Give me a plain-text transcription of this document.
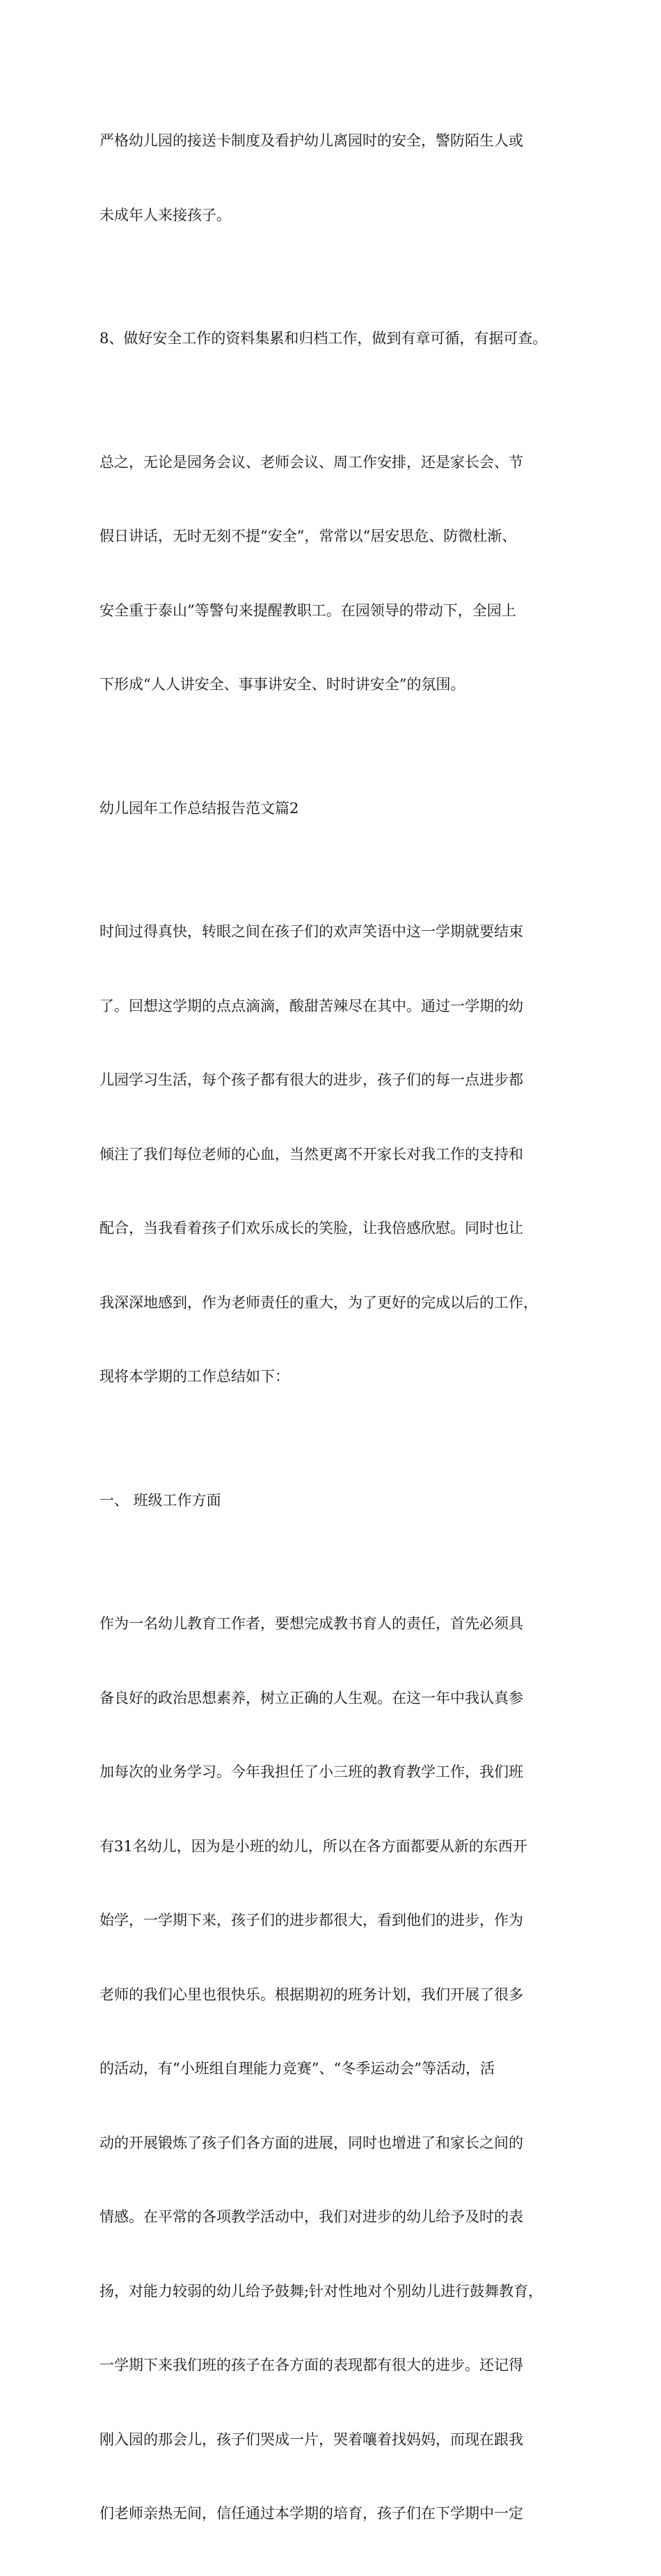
严格幼儿园的接送卡制度及看护幼儿离园时的安全，警防陌生人或

未成年人来接孩子。

8、做好安全工作的资料集累和归档工作，做到有章可循，有据可查。

总之，无论是园务会议、老师会议、周工作安排，还是家长会、节

假日讲话，无时无刻不提“安全”，常常以“居安思危、防微杜渐、

安全重于泰山”等警句来提醒教职工。在园领导的带动下，全园上

下形成“人人讲安全、事事讲安全、时时讲安全”的氛围。

幼儿园年工作总结报告范文篇2

时间过得真快，转眼之间在孩子们的欢声笑语中这一学期就要结束

了。回想这学期的点点滴滴，酸甜苦辣尽在其中。通过一学期的幼

儿园学习生活，每个孩子都有很大的进步，孩子们的每一点进步都

倾注了我们每位老师的心血，当然更离不开家长对我工作的支持和

配合，当我看着孩子们欢乐成长的笑脸，让我倍感欣慰。同时也让

我深深地感到，作为老师责任的重大，为了更好的完成以后的工作，

现将本学期的工作总结如下：

一、 班级工作方面

作为一名幼儿教育工作者，要想完成教书育人的责任，首先必须具

备良好的政治思想素养，树立正确的人生观。在这一年中我认真参

加每次的业务学习。今年我担任了小三班的教育教学工作，我们班

有31名幼儿，因为是小班的幼儿，所以在各方面都要从新的东西开

始学，一学期下来，孩子们的进步都很大，看到他们的进步，作为

老师的我们心里也很快乐。根据期初的班务计划，我们开展了很多

的活动，有“小班组自理能力竞赛”、“冬季运动会”等活动，活

动的开展锻炼了孩子们各方面的进展，同时也增进了和家长之间的

情感。在平常的各项教学活动中，我们对进步的幼儿给予及时的表

扬，对能力较弱的幼儿给予鼓舞;针对性地对个别幼儿进行鼓舞教育，

一学期下来我们班的孩子在各方面的表现都有很大的进步。还记得

刚入园的那会儿，孩子们哭成一片，哭着嚷着找妈妈，而现在跟我

们老师亲热无间，信任通过本学期的培育，孩子们在下学期中一定
